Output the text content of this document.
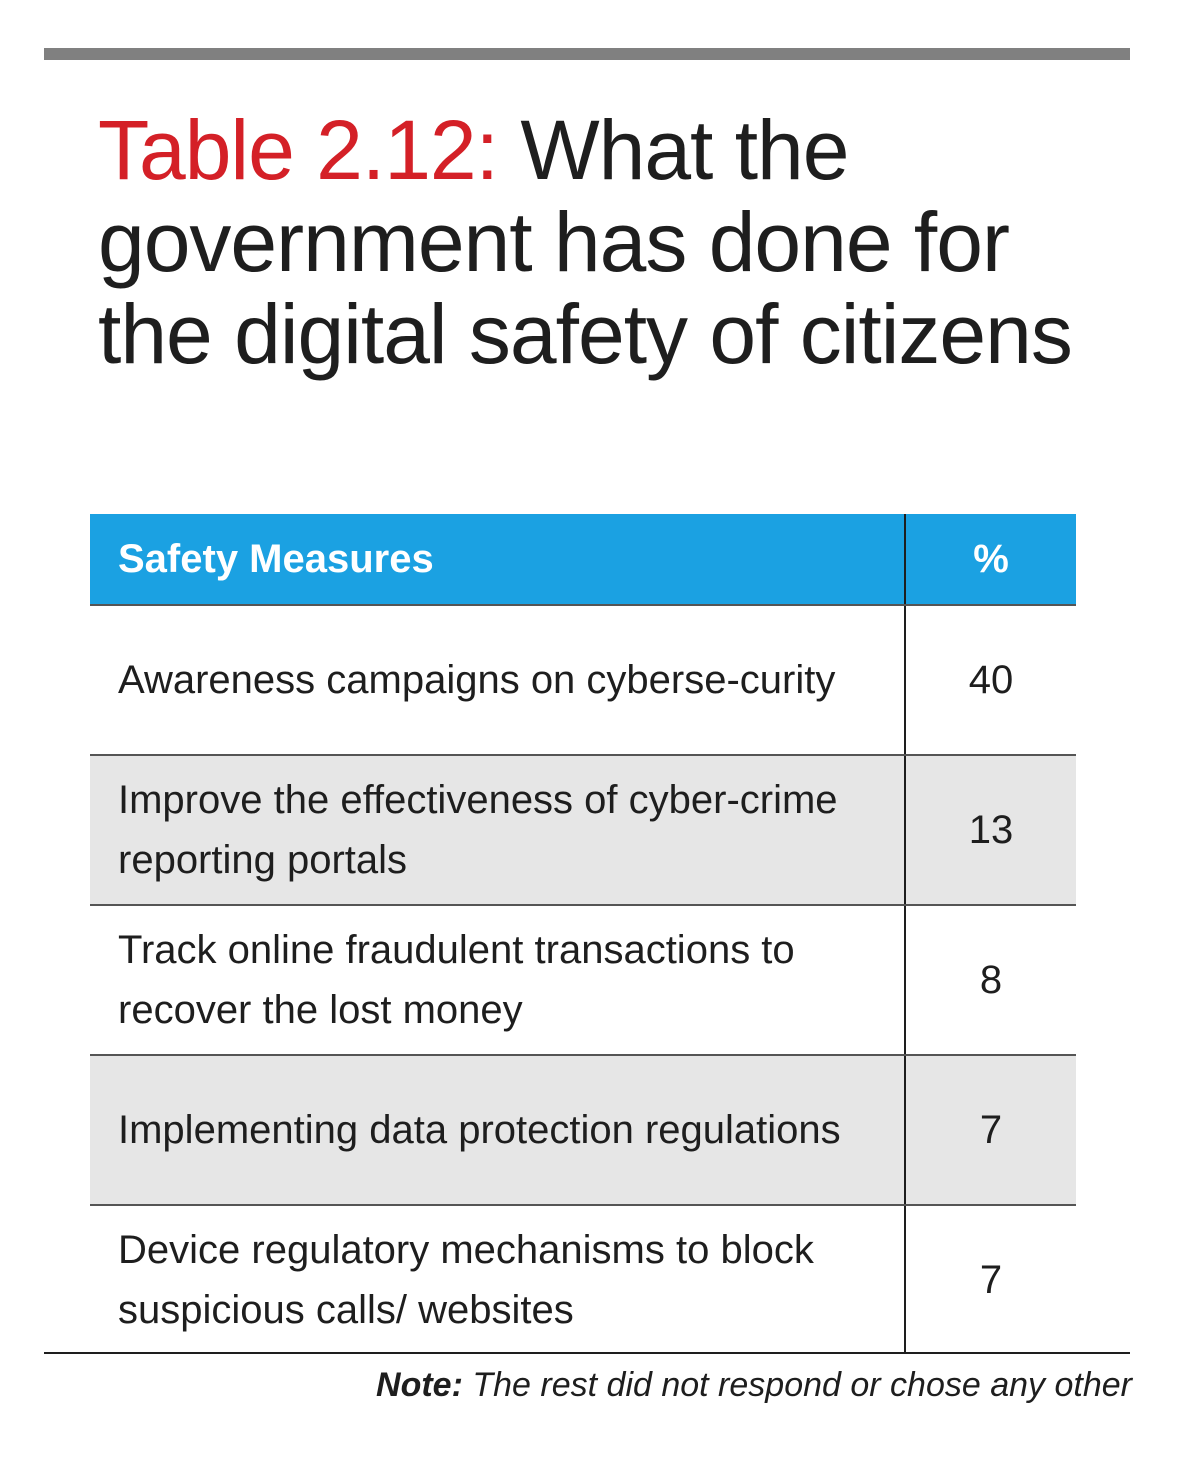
Table 2.12: What the government has done for the digital safety of citizens
Safety Measures	%
Awareness campaigns on cyberse-curity	40
Improve the effectiveness of cyber-crime reporting portals	13
Track online fraudulent transactions to recover the lost money	8
Implementing data protection regulations	7
Device regulatory mechanisms to block suspicious calls/ websites	7
Note: The rest did not respond or chose any other
